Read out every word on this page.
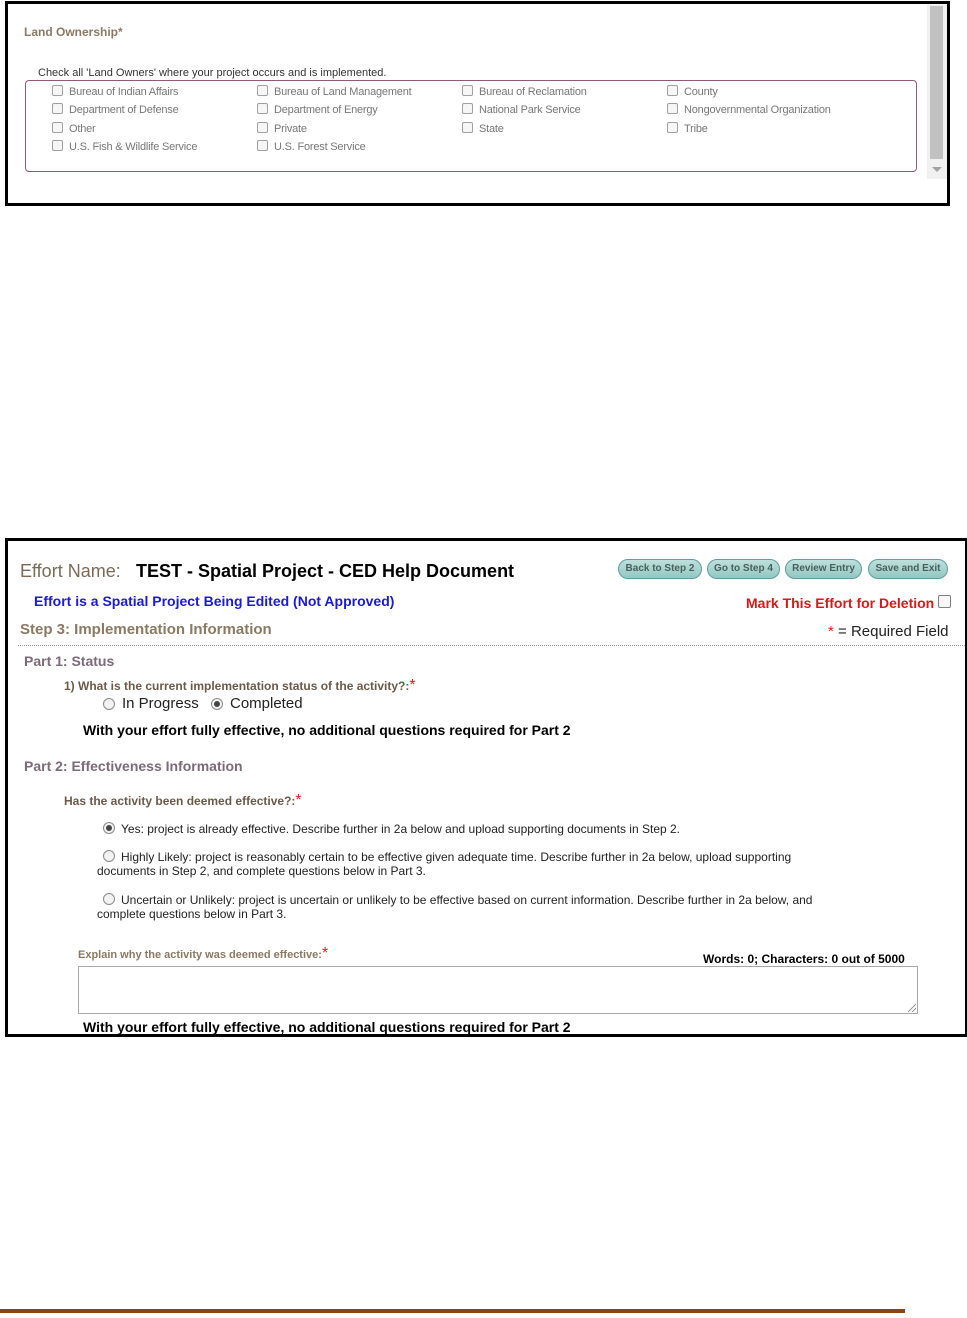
Land Ownership*
Check all 'Land Owners' where your project occurs and is implemented.
Bureau of Indian Affairs	Bureau of Land Management	Bureau of Reclamation	County
Department of Defense	Department of Energy	National Park Service	Nongovernmental Organization
Other	Private	State	Tribe
U.S. Fish & Wildlife Service	U.S. Forest Service
Effort Name: TEST - Spatial Project - CED Help Document	Back to Step 2	Go to Step 4	Review Entry	Save and Exit
Effort is a Spatial Project Being Edited (Not Approved)	Mark This Effort for Deletion
Step 3: Implementation Information	* = Required Field
Part 1: Status
1) What is the current implementation status of the activity?:*
In Progress Completed
With your effort fully effective, no additional questions required for Part 2
Part 2: Effectiveness Information
Has the activity been deemed effective?:*
Yes: project is already effective. Describe further in 2a below and upload supporting documents in Step 2.
Highly Likely: project is reasonably certain to be effective given adequate time. Describe further in 2a below, upload supporting documents in Step 2, and complete questions below in Part 3.
Uncertain or Unlikely: project is uncertain or unlikely to be effective based on current information. Describe further in 2a below, and complete questions below in Part 3.
Explain why the activity was deemed effective:*	Words: 0; Characters: 0 out of 5000
With your effort fully effective, no additional questions required for Part 2
